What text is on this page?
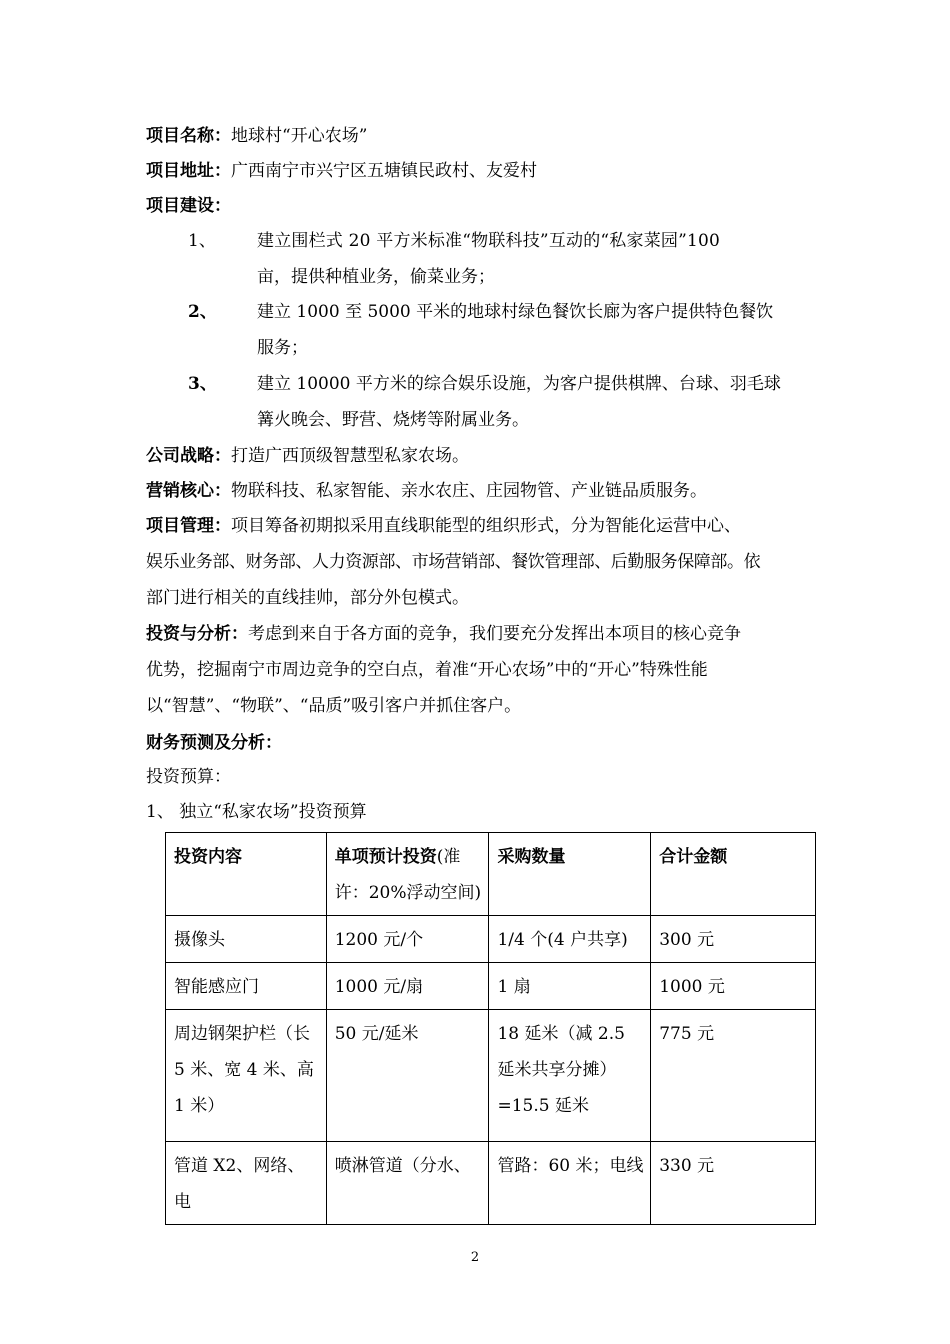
项目名称：地球村“开心农场”
项目地址：广西南宁市兴宁区五塘镇民政村、友爱村
项目建设：
1、 建立围栏式 20 平方米标准“物联科技”互动的“私家菜园”100
亩，提供种植业务，偷菜业务；
2、 建立 1000 至 5000 平米的地球村绿色餐饮长廊为客户提供特色餐饮
服务；
3、 建立 10000 平方米的综合娱乐设施，为客户提供棋牌、台球、羽毛球
篝火晚会、野营、烧烤等附属业务。
公司战略：打造广西顶级智慧型私家农场。
营销核心：物联科技、私家智能、亲水农庄、庄园物管、产业链品质服务。
项目管理：项目筹备初期拟采用直线职能型的组织形式，分为智能化运营中心、
娱乐业务部、财务部、人力资源部、市场营销部、餐饮管理部、后勤服务保障部。依
部门进行相关的直线挂帅，部分外包模式。
投资与分析：考虑到来自于各方面的竞争，我们要充分发挥出本项目的核心竞争
优势，挖掘南宁市周边竞争的空白点，着准“开心农场”中的“开心”特殊性能
以“智慧”、“物联”、“品质”吸引客户并抓住客户。
财务预测及分析：
投资预算：
1、 独立“私家农场”投资预算
投资内容	单项预计投资(准许：20%浮动空间)	采购数量	合计金额
摄像头	1200 元/个	1/4 个(4 户共享)	300 元
智能感应门	1000 元/扇	1 扇	1000 元
周边钢架护栏（长 5 米、宽 4 米、高 1 米）	50 元/延米	18 延米（减 2.5 延米共享分摊）=15.5 延米	775 元
管道 X2、网络、电	喷淋管道（分水、	管路：60 米；电线	330 元
2
